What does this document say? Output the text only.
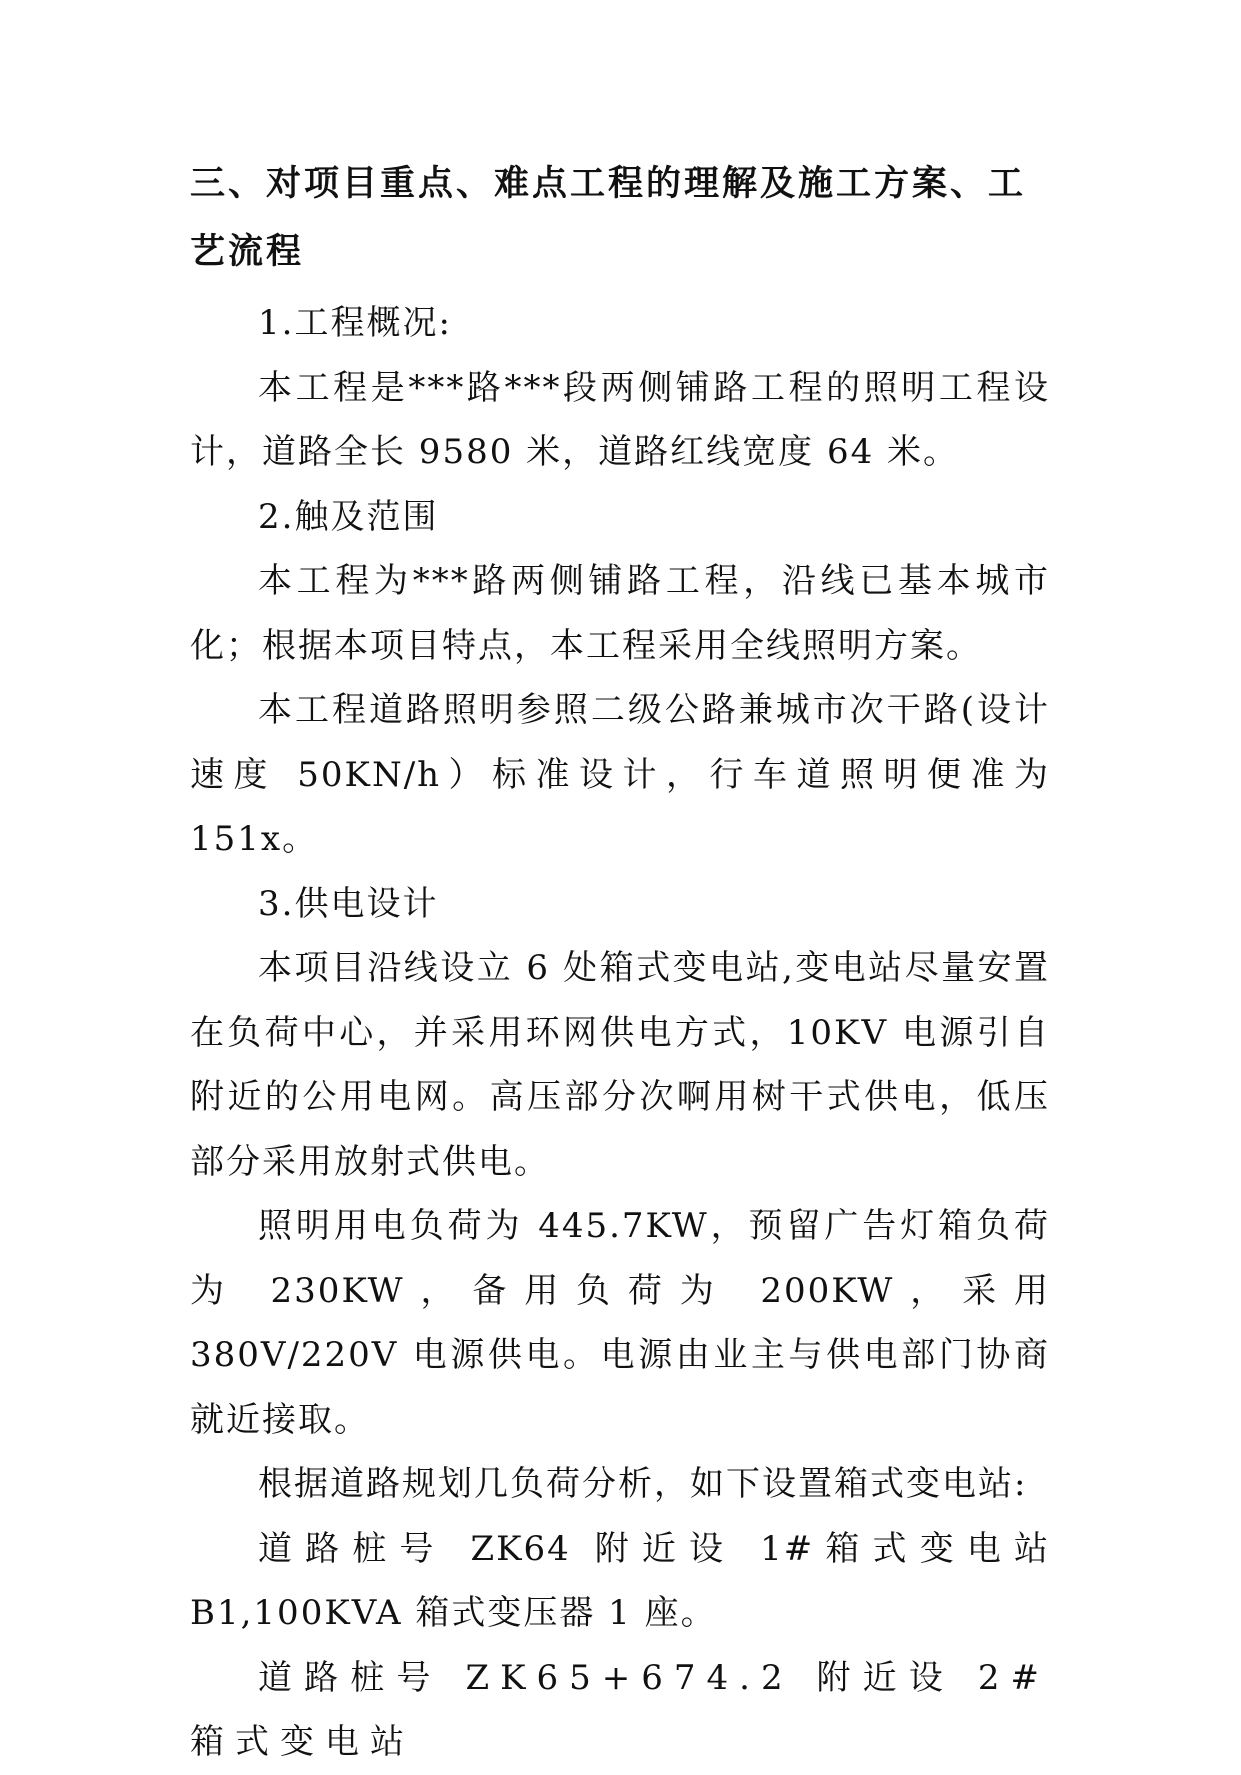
三、对项目重点、难点工程的理解及施工方案、工艺流程

1.工程概况:

本工程是***路***段两侧铺路工程的照明工程设计，道路全长 9580 米，道路红线宽度 64 米。

2.触及范围

本工程为***路两侧铺路工程，沿线已基本城市化；根据本项目特点，本工程采用全线照明方案。

本工程道路照明参照二级公路兼城市次干路(设计速度 50KN/h）标准设计，行车道照明便准为 151x。

3.供电设计

本项目沿线设立 6 处箱式变电站,变电站尽量安置在负荷中心，并采用环网供电方式，10KV 电源引自附近的公用电网。高压部分次啊用树干式供电，低压部分采用放射式供电。

照明用电负荷为 445.7KW，预留广告灯箱负荷为 230KW，备用负荷为 200KW，采用 380V/220V 电源供电。电源由业主与供电部门协商就近接取。

根据道路规划几负荷分析，如下设置箱式变电站:

道路桩号 ZK64 附近设 1#箱式变电站 B1,100KVA 箱式变压器 1 座。

道路桩号 ZK65+674.2 附近设 2#箱式变电站
